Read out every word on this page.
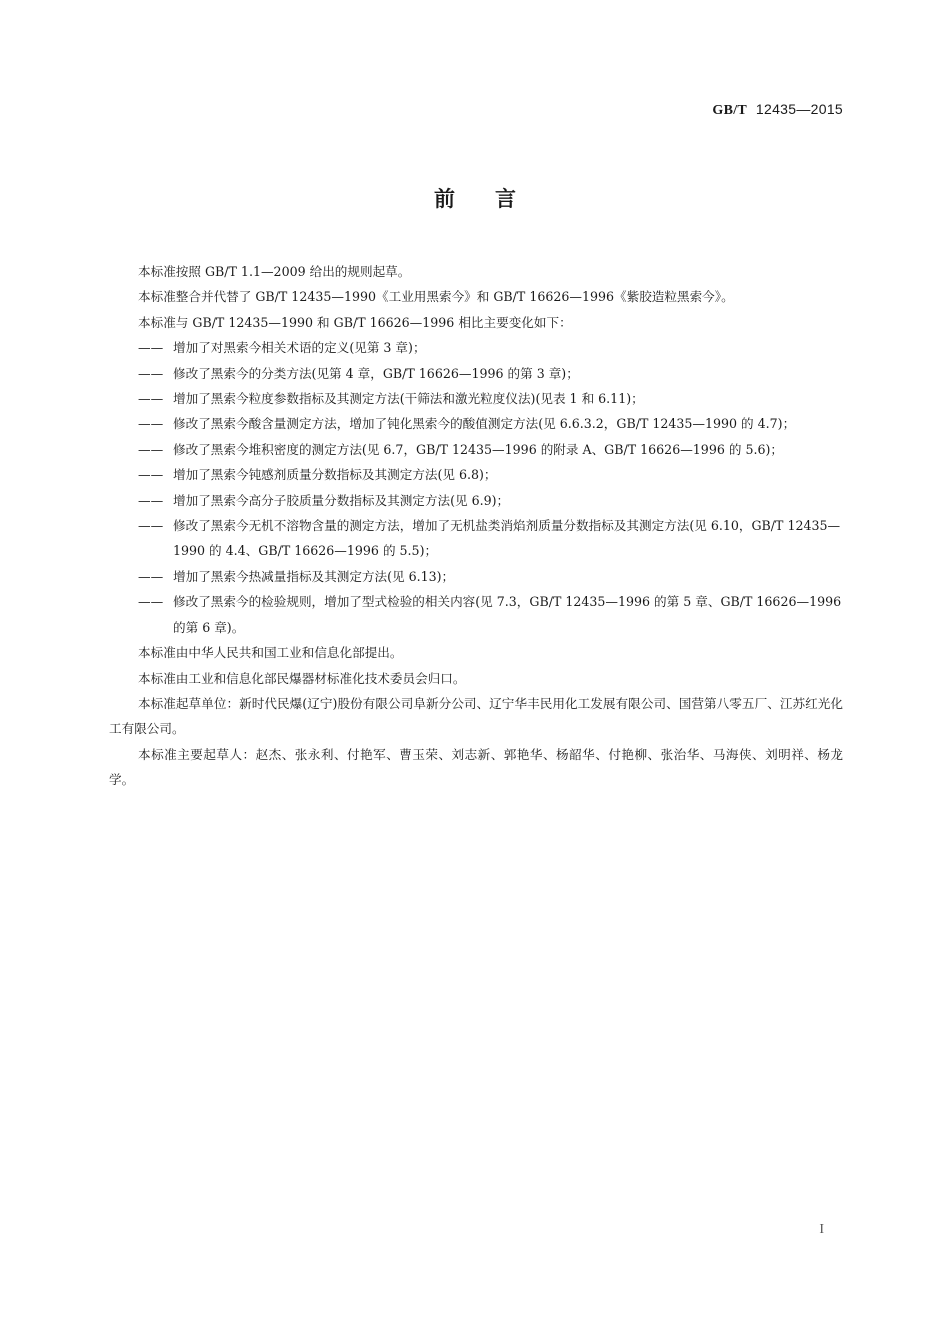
GB/T 12435—2015
前言

本标准按照 GB/T 1.1—2009 给出的规则起草。

本标准整合并代替了 GB/T 12435—1990《工业用黑索今》和 GB/T 16626—1996《紫胶造粒黑索今》。

本标准与 GB/T 12435—1990 和 GB/T 16626—1996 相比主要变化如下：

—— 增加了对黑索今相关术语的定义(见第 3 章)；
—— 修改了黑索今的分类方法(见第 4 章，GB/T 16626—1996 的第 3 章)；
—— 增加了黑索今粒度参数指标及其测定方法(干筛法和激光粒度仪法)(见表 1 和 6.11)；
—— 修改了黑索今酸含量测定方法，增加了钝化黑索今的酸值测定方法(见 6.6.3.2，GB/T 12435—1990 的 4.7)；
—— 修改了黑索今堆积密度的测定方法(见 6.7，GB/T 12435—1996 的附录 A、GB/T 16626—1996 的 5.6)；
—— 增加了黑索今钝感剂质量分数指标及其测定方法(见 6.8)；
—— 增加了黑索今高分子胶质量分数指标及其测定方法(见 6.9)；
—— 修改了黑索今无机不溶物含量的测定方法，增加了无机盐类消焰剂质量分数指标及其测定方法(见 6.10，GB/T 12435—1990 的 4.4、GB/T 16626—1996 的 5.5)；
—— 增加了黑索今热减量指标及其测定方法(见 6.13)；
—— 修改了黑索今的检验规则，增加了型式检验的相关内容(见 7.3，GB/T 12435—1996 的第 5 章、GB/T 16626—1996 的第 6 章)。

本标准由中华人民共和国工业和信息化部提出。

本标准由工业和信息化部民爆器材标准化技术委员会归口。

本标准起草单位：新时代民爆(辽宁)股份有限公司阜新分公司、辽宁华丰民用化工发展有限公司、国营第八零五厂、江苏红光化工有限公司。

本标准主要起草人：赵杰、张永利、付艳军、曹玉荣、刘志新、郭艳华、杨韶华、付艳柳、张治华、马海侠、刘明祥、杨龙学。

I
